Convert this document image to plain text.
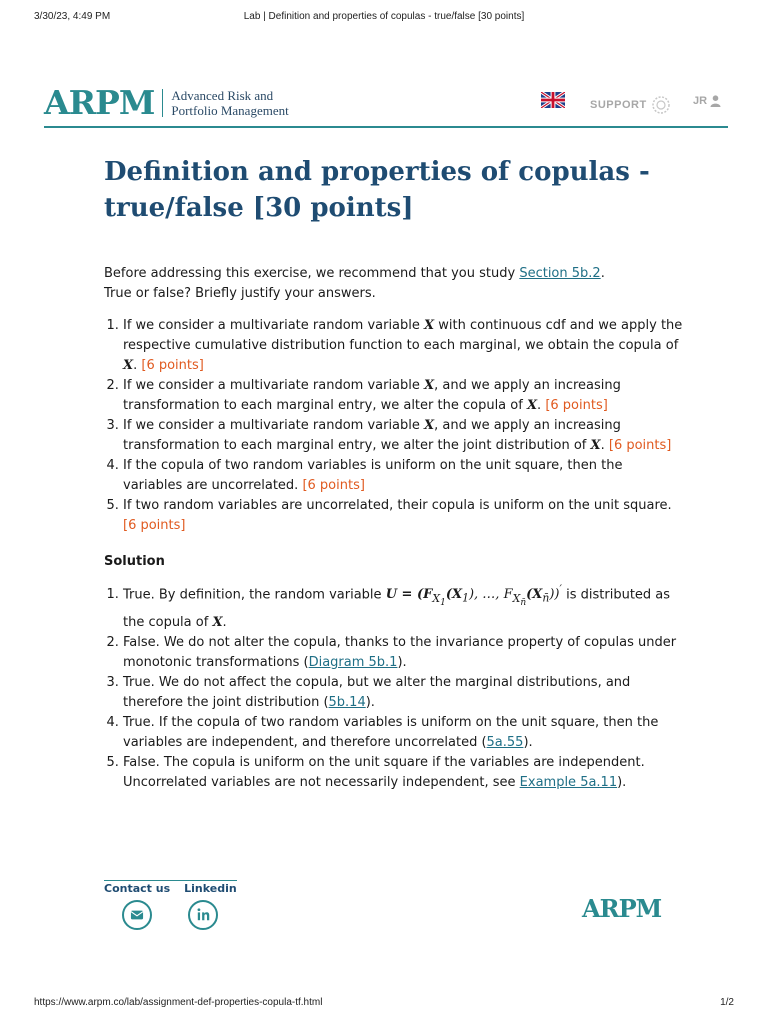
3/30/23, 4:49 PM	Lab | Definition and properties of copulas - true/false [30 points]
ARPM Advanced Risk and
Portfolio Management	SUPPORT	JR
Definition and properties of copulas - true/false [30 points]

Before addressing this exercise, we recommend that you study Section 5b.2.
True or false? Briefly justify your answers.

1. If we consider a multivariate random variable X with continuous cdf and we apply the respective cumulative distribution function to each marginal, we obtain the copula of X. [6 points]
2. If we consider a multivariate random variable X, and we apply an increasing transformation to each marginal entry, we alter the copula of X. [6 points]
3. If we consider a multivariate random variable X, and we apply an increasing transformation to each marginal entry, we alter the joint distribution of X. [6 points]
4. If the copula of two random variables is uniform on the unit square, then the variables are uncorrelated. [6 points]
5. If two random variables are uncorrelated, their copula is uniform on the unit square. [6 points]

Solution

1. True. By definition, the random variable $U = (F_{X_1}(X_1)$, …, $F_{X_{n̄}}(X_{n̄}))'$ is distributed as the copula of X.
2. False. We do not alter the copula, thanks to the invariance property of copulas under monotonic transformations (Diagram 5b.1).
3. True. We do not affect the copula, but we alter the marginal distributions, and therefore the joint distribution (5b.14).
4. True. If the copula of two random variables is uniform on the unit square, then the variables are independent, and therefore uncorrelated (5a.55).
5. False. The copula is uniform on the unit square if the variables are independent. Uncorrelated variables are not necessarily independent, see Example 5a.11).
Contact us Linkedin
ARPM
https://www.arpm.co/lab/assignment-def-properties-copula-tf.html	1/2
